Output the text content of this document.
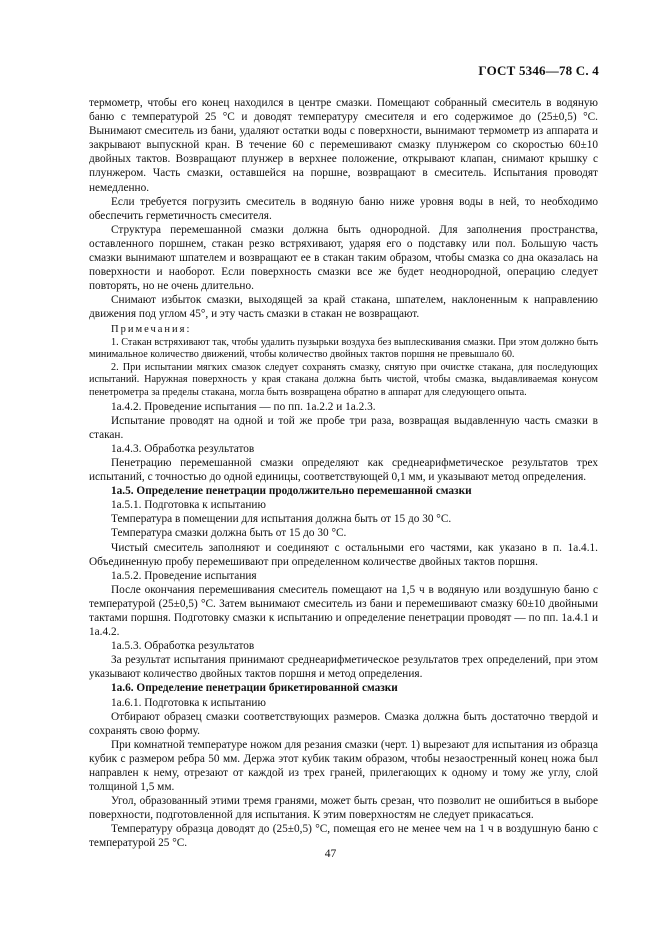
ГОСТ 5346—78 С. 4

термометр, чтобы его конец находился в центре смазки. Помещают собранный смеситель в водяную баню с температурой 25 °С и доводят температуру смесителя и его содержимое до (25±0,5) °С. Вынимают смеситель из бани, удаляют остатки воды с поверхности, вынимают термометр из аппарата и закрывают выпускной кран. В течение 60 с перемешивают смазку плунжером со скоростью 60±10 двойных тактов. Возвращают плунжер в верхнее положение, открывают клапан, снимают крышку с плунжером. Часть смазки, оставшейся на поршне, возвращают в смеситель. Испытания проводят немедленно.

Если требуется погрузить смеситель в водяную баню ниже уровня воды в ней, то необходимо обеспечить герметичность смесителя.

Структура перемешанной смазки должна быть однородной. Для заполнения пространства, оставленного поршнем, стакан резко встряхивают, ударяя его о подставку или пол. Большую часть смазки вынимают шпателем и возвращают ее в стакан таким образом, чтобы смазка со дна оказалась на поверхности и наоборот. Если поверхность смазки все же будет неоднородной, операцию следует повторять, но не очень длительно.

Снимают избыток смазки, выходящей за край стакана, шпателем, наклоненным к направлению движения под углом 45°, и эту часть смазки в стакан не возвращают.

Примечания:

1. Стакан встряхивают так, чтобы удалить пузырьки воздуха без выплескивания смазки. При этом должно быть минимальное количество движений, чтобы количество двойных тактов поршня не превышало 60.

2. При испытании мягких смазок следует сохранять смазку, снятую при очистке стакана, для последующих испытаний. Наружная поверхность у края стакана должна быть чистой, чтобы смазка, выдавливаемая конусом пенетрометра за пределы стакана, могла быть возвращена обратно в аппарат для следующего опыта.

1а.4.2. Проведение испытания — по пп. 1а.2.2 и 1а.2.3.

Испытание проводят на одной и той же пробе три раза, возвращая выдавленную часть смазки в стакан.

1а.4.3. Обработка результатов

Пенетрацию перемешанной смазки определяют как среднеарифметическое результатов трех испытаний, с точностью до одной единицы, соответствующей 0,1 мм, и указывают метод определения.

1а.5. Определение пенетрации продолжительно перемешанной смазки

1а.5.1. Подготовка к испытанию

Температура в помещении для испытания должна быть от 15 до 30 °С.

Температура смазки должна быть от 15 до 30 °С.

Чистый смеситель заполняют и соединяют с остальными его частями, как указано в п. 1а.4.1. Объединенную пробу перемешивают при определенном количестве двойных тактов поршня.

1а.5.2. Проведение испытания

После окончания перемешивания смеситель помещают на 1,5 ч в водяную или воздушную баню с температурой (25±0,5) °С. Затем вынимают смеситель из бани и перемешивают смазку 60±10 двойными тактами поршня. Подготовку смазки к испытанию и определение пенетрации проводят — по пп. 1а.4.1 и 1а.4.2.

1а.5.3. Обработка результатов

За результат испытания принимают среднеарифметическое результатов трех определений, при этом указывают количество двойных тактов поршня и метод определения.

1а.6. Определение пенетрации брикетированной смазки

1а.6.1. Подготовка к испытанию

Отбирают образец смазки соответствующих размеров. Смазка должна быть достаточно твердой и сохранять свою форму.

При комнатной температуре ножом для резания смазки (черт. 1) вырезают для испытания из образца кубик с размером ребра 50 мм. Держа этот кубик таким образом, чтобы незаостренный конец ножа был направлен к нему, отрезают от каждой из трех граней, прилегающих к одному и тому же углу, слой толщиной 1,5 мм.

Угол, образованный этими тремя гранями, может быть срезан, что позволит не ошибиться в выборе поверхности, подготовленной для испытания. К этим поверхностям не следует прикасаться.

Температуру образца доводят до (25±0,5) °С, помещая его не менее чем на 1 ч в воздушную баню с температурой 25 °С.

47
